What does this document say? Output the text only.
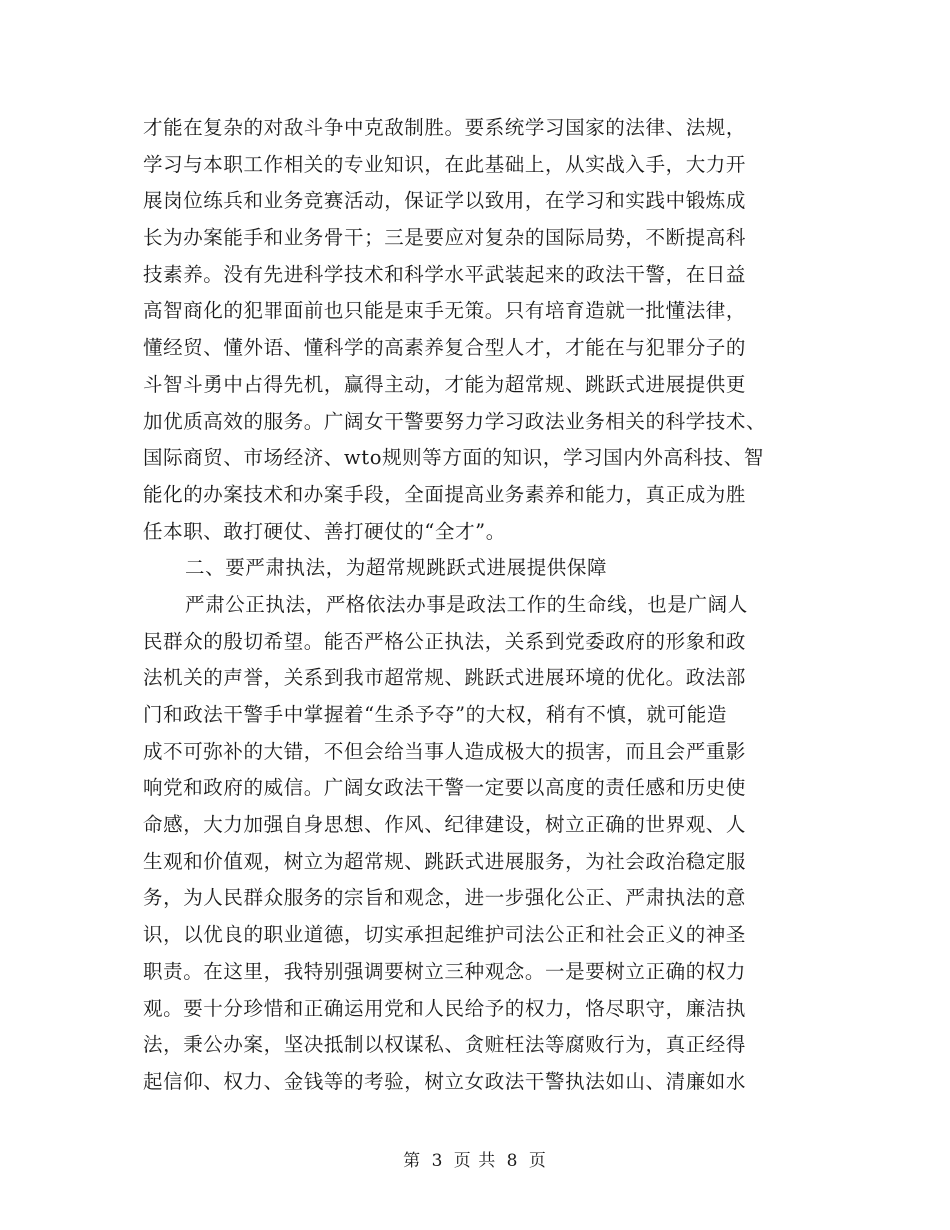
才能在复杂的对敌斗争中克敌制胜。要系统学习国家的法律、法规，
学习与本职工作相关的专业知识，在此基础上，从实战入手，大力开
展岗位练兵和业务竞赛活动，保证学以致用，在学习和实践中锻炼成
长为办案能手和业务骨干；三是要应对复杂的国际局势，不断提高科
技素养。没有先进科学技术和科学水平武装起来的政法干警，在日益
高智商化的犯罪面前也只能是束手无策。只有培育造就一批懂法律，
懂经贸、懂外语、懂科学的高素养复合型人才，才能在与犯罪分子的
斗智斗勇中占得先机，赢得主动，才能为超常规、跳跃式进展提供更
加优质高效的服务。广阔女干警要努力学习政法业务相关的科学技术、
国际商贸、市场经济、wto规则等方面的知识，学习国内外高科技、智
能化的办案技术和办案手段，全面提高业务素养和能力，真正成为胜
任本职、敢打硬仗、善打硬仗的“全才”。
二、要严肃执法，为超常规跳跃式进展提供保障
严肃公正执法，严格依法办事是政法工作的生命线，也是广阔人
民群众的殷切希望。能否严格公正执法，关系到党委政府的形象和政
法机关的声誉，关系到我市超常规、跳跃式进展环境的优化。政法部
门和政法干警手中掌握着“生杀予夺”的大权，稍有不慎，就可能造
成不可弥补的大错，不但会给当事人造成极大的损害，而且会严重影
响党和政府的威信。广阔女政法干警一定要以高度的责任感和历史使
命感，大力加强自身思想、作风、纪律建设，树立正确的世界观、人
生观和价值观，树立为超常规、跳跃式进展服务，为社会政治稳定服
务，为人民群众服务的宗旨和观念，进一步强化公正、严肃执法的意
识，以优良的职业道德，切实承担起维护司法公正和社会正义的神圣
职责。在这里，我特别强调要树立三种观念。一是要树立正确的权力
观。要十分珍惜和正确运用党和人民给予的权力，恪尽职守，廉洁执
法，秉公办案，坚决抵制以权谋私、贪赃枉法等腐败行为，真正经得
起信仰、权力、金钱等的考验，树立女政法干警执法如山、清廉如水
第 3 页 共 8 页
